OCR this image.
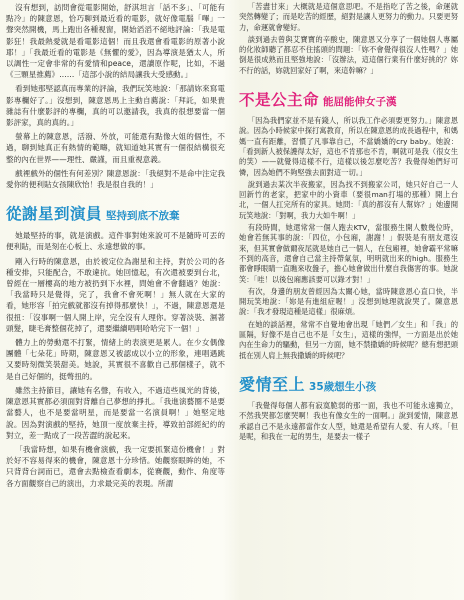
沒有想到，訪問會從電影開始，舒淇坦言「話不多」、「可能有點冷」的陳意恩，恰巧聊到最近看的電影，就好像電腦「嗶」一聲突然開機，馬上跑出各種視窗，開始滔滔不絕地評論：「我是電影狂！我最熱愛就是看電影這個！而且我還會看電影的原著小說耶！」「我最近看的電影是《無懼的愛》，因為導演是猶太人，所以調性一定會非常的有愛情和peace，還讀原作呢，比如，不過《三顆星推薦》……「這部小說的結局讓我大受感動。」

看到她那堅認真而專業的評論，我們玩笑地說：「那請妳來寫電影專欄好了。」沒想到，陳意恩馬上主動自薦說：「拜託，如果貴雜誌有什麼影評的專欄，真的可以邀請我，我真的很想要當一個影評家，真的真的。」

螢幕上的陳意恩，活潑、外放，可能還有點像大姐的個性，不過，聊到她真正有熱情的範疇，就知道她其實有一個很結構很充整的內在世界——理性、嚴謹，而且重視意義。

戲裡戲外的個性有何差別？陳意恩說：「我絕對不是命中注定我愛你的便利貼女孩陳欣怡！我是很自我的！」

從謝星到演員 堅持到底不放棄

她最堅持的事，就是演戲。這件事對她來說可不是隨時可丟的便利貼，而是刻在心板上、永遠想做的事。

剛入行時的陳意恩，由於被定位為謝星和主持，對於公司的各種安排，只能配合，不敢違抗。她回憶起，有次還被要到台北，曾經在一層樓高的地方被扔到下水裡，問她會不會翻過？她說：「我當時只是覺得，完了，我會不會死啊！」無人就在大家的看，她形容「拍完戲就都沒有掉得那麼快！」，不過，陳意恩還是很扭：「沒事啊一個人開上岸，完全沒有人理你。穿著淡裝、濕著頭髮，睫毛膏整個花掉了，還要繼續唱唱哈哈完下一個！」

體力上的勞動還不打緊，情緒上的表演更是累人。在少女偶像團體「七朵花」時期，陳意恩又被認成以小立的形象，連唱遇跳又要時刻微笑裝甜美。她說，其實很不喜歡自己那個樣子，就不是自己好個的，挺彆扭的。

雖然主持節目，讓她有名聲，有收入，不過這些風光的背後，陳意恩其實都必須面對背離自己夢想的掙扎。「我進演藝圈不是要當藝人，也不是要當明星，而是要當一名演員啊！」她堅定地說。因為對演戲的堅持，她頂一度放棄主持，導致拍部經紀約的對立，差一點成了一段苦澀的說起來。

「我當時想，如果有機會演戲，我一定要抓緊這份機會！」對於好不容易得來的機會，陳意恩十分珍惜。她觀察眼眸的她，不只背背台詞而已，還會去點檢查看劇本，從賽觀，動作、角度等各方面觀察自己的演出，力求最完美的表現。所謂

「苦盡甘來」大概就是這個意思吧。不是指吃了苦之後，命運就突然轉變了；而是吃苦的經歷，絕對是讓人更努力的動力。只要更努力，命運就會變好。

談到過去曾與艾寶寶的辛酸史，陳意恩又分享了一個她個人專屬的化妝師聽了都忍不住搖頭的問題：「妳不會覺得很沒人性嗎？」她倒是很成熟而且堅強地說：「沒辦法，這這個行業有什麼好挑的？妳不行的話，妳就回家好了啊，來這幹嘛？」

不是公主命 能屈能伸女子漢

「因為我們家並不是有錢人，所以我工作必須要更努力。」陳意恩說。因為小時候家中探打寓教育，所以在陳意恩的成長過程中，和媽媽一直有距離，習慣了凡事靠自己，不當嬌嬌的cry baby。她說：「看到新人被保護得太好，這也不肯那也不肯，啊就可是我（很女生的笑）——就覺得這樣不行，這樣以後怎麼吃苦？我覺得她們好可憐，因為她們不夠堅強去面對這一切。」

說到過去某次半夜搬家，因為找不到搬家公司，她只好自己一人回新竹的老家，把家中的小資車（要很man打場的那種）開上台北，一個人扛完所有的家具。她問：「真的都沒有人幫妳？」她邊開玩笑地說：「對啊，我力大如牛啊！」

有段時間，她還常常一個人跑去KTV，當服務生開人數幾位時，她會若無其事的說：「四位，小包廂，謝謝！」假裝是有朋友還沒來，但其實會做爾夜尾就是她自己一個人，在包廂裡，她會霸平常嘛不到的高音，還會自己當主持帶氣氛，明明就出來的high。服務生都會睜眼睛一直瞧來收盤子，擔心她會做出什麼自我傷害的事。她說笑：「哇！以後包廂應該要可以錄才對！」

有次，身邊的朋友曾經因為太關心她，當時陳意恩心直口快，半開玩笑地說：「妳是有進組症喔！」沒想到她理就說哭了。陳意恩說：「我才發現這種是這樣」很麻煩。

在她的談話裡，常常不自覺地會出現「她們／女生」和「我」的區隔，好像不是自己也不是「女生」，這樣的強悍，一方面是出於她內在生命力的驅動，但另一方面，她不禁撒嬌的時候呢？總有想把頭抵在別人肩上無我撒嬌的時候吧？

愛情至上 35歲想生小孩

「我覺得每個人都有寂寞脆弱的那一面，我也不可能永遠獨立，不然我哭都怎麼哭啊！我也有像女生的一面啊。」說到愛情，陳意恩承認自己不是永遠都當作女人型，她還是希望有人愛、有人疼。「但是呢，和我在一起的男生，是要去一樣子
